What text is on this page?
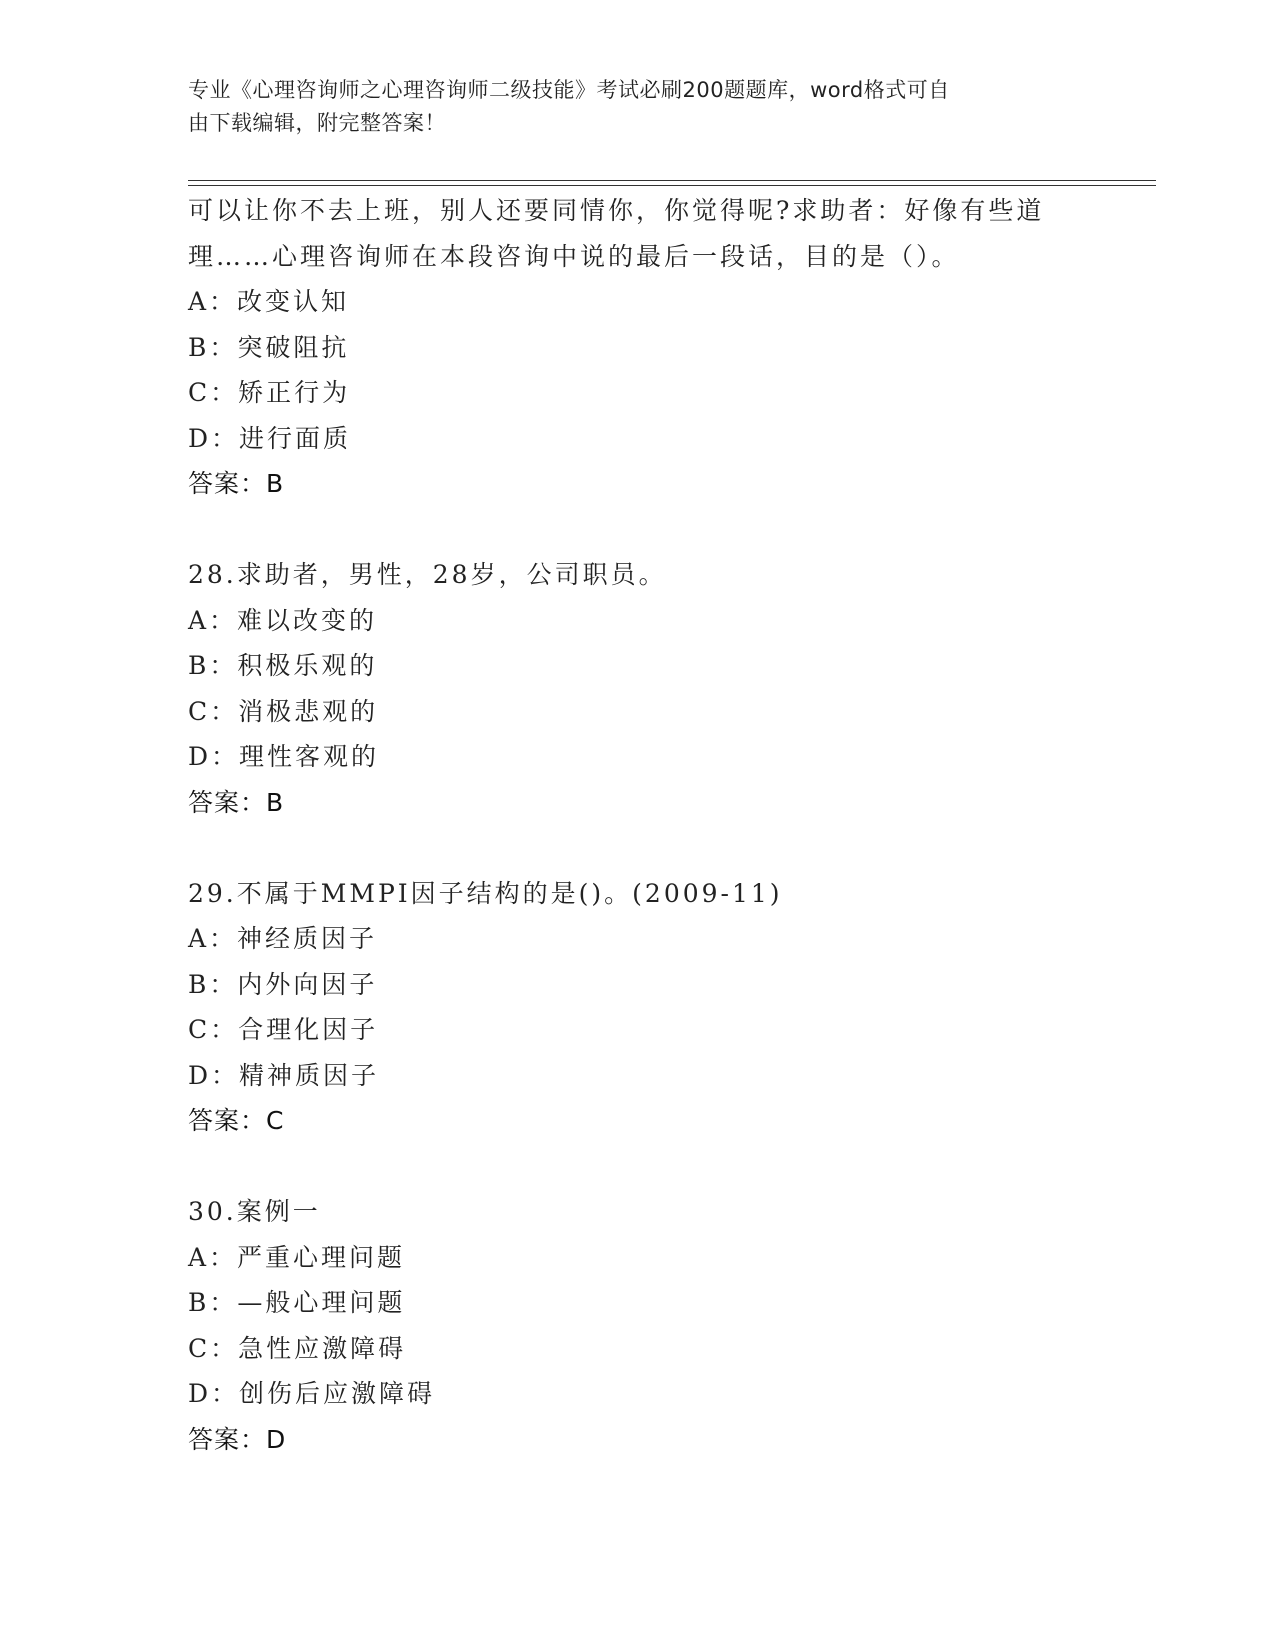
专业《心理咨询师之心理咨询师二级技能》考试必刷200题题库，word格式可自
由下载编辑，附完整答案！
可以让你不去上班，别人还要同情你，你觉得呢?求助者：好像有些道
理……心理咨询师在本段咨询中说的最后一段话，目的是（）。
A：改变认知
B：突破阻抗
C：矫正行为
D：进行面质
答案：B
28.求助者，男性，28岁，公司职员。
A：难以改变的
B：积极乐观的
C：消极悲观的
D：理性客观的
答案：B
29.不属于MMPI因子结构的是()。(2009-11)
A：神经质因子
B：内外向因子
C：合理化因子
D：精神质因子
答案：C
30.案例一
A：严重心理问题
B：—般心理问题
C：急性应激障碍
D：创伤后应激障碍
答案：D
